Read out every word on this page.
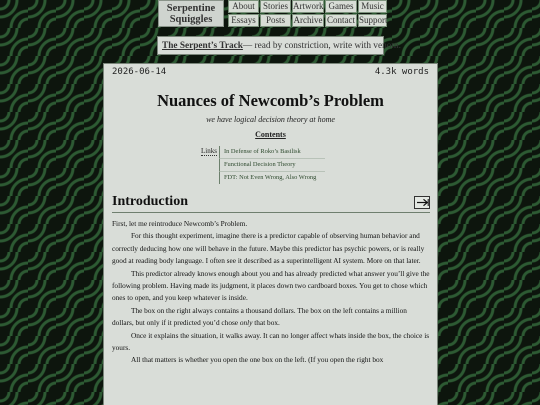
Serpentine
Squiggles
About Stories Artwork Games Music
Essays	Posts Archive Contact Support
The Serpent’s Track — read by constriction, write with venom.
2026-06-14	4.3k words
Nuances of Newcomb’s Problem
we have logical decision theory at home
Contents
Links	In Defense of Roko’s Basilisk
Functional Decision Theory
FDT: Not Even Wrong, Also Wrong
Introduction

First, let me reintroduce Newcomb’s Problem.

For this thought experiment, imagine there is a predictor capable of observing human behavior and correctly deducing how one will behave in the future. Maybe this predictor has psychic powers, or is really good at reading body language. I often see it described as a superintelligent AI system. More on that later.

This predictor already knows enough about you and has already predicted what answer you’ll give the following problem. Having made its judgment, it places down two cardboard boxes. You get to chose which ones to open, and you keep whatever is inside.

The box on the right always contains a thousand dollars. The box on the left contains a million dollars, but only if it predicted you’d chose only that box.

Once it explains the situation, it walks away. It can no longer affect whats inside the box, the choice is yours.

All that matters is whether you open the one box on the left. (If you open the right box
